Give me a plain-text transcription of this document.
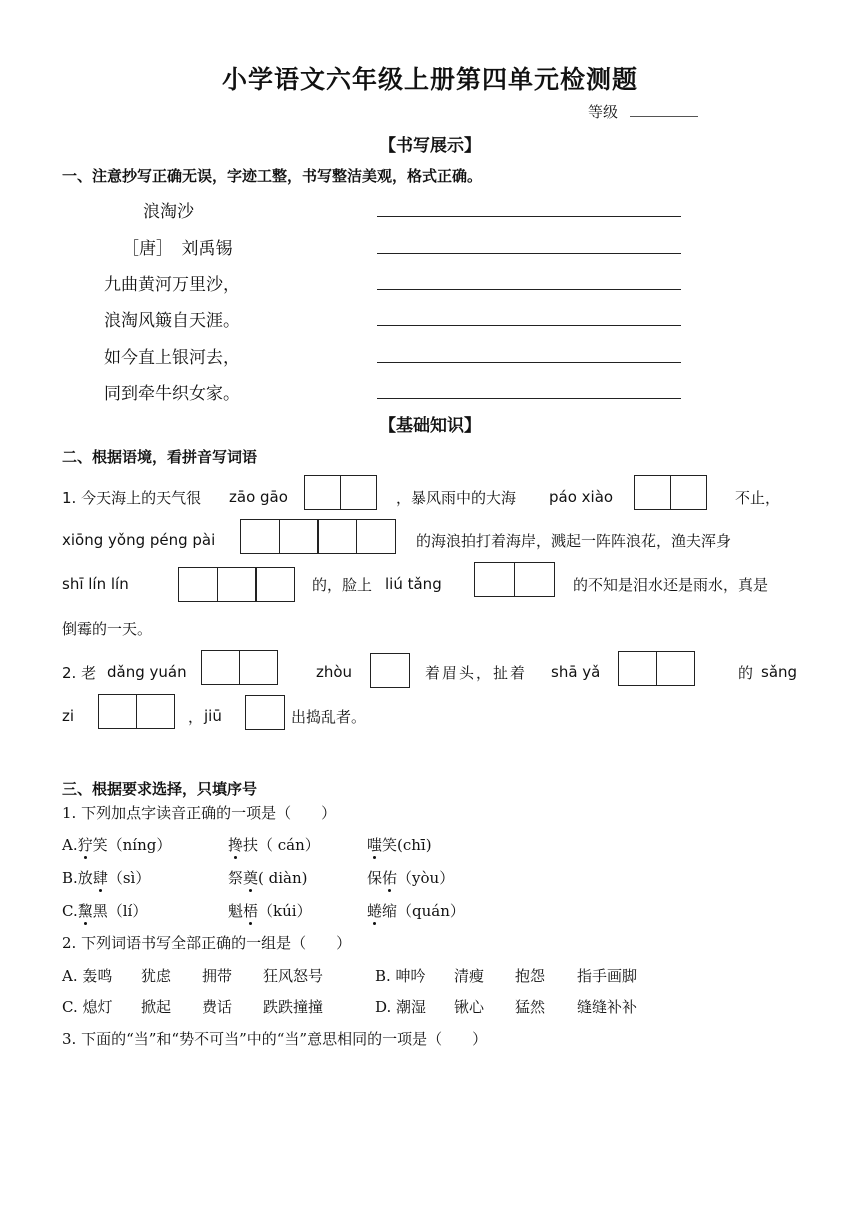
小学语文六年级上册第四单元检测题
等级
【书写展示】
一、注意抄写正确无误，字迹工整，书写整洁美观，格式正确。
浪淘沙
［唐］　刘禹锡
九曲黄河万里沙，
浪淘风簸自天涯。
如今直上银河去，
同到牵牛织女家。
【基础知识】
二、根据语境，看拼音写词语
1. 今天海上的天气很 zāo gāo	，暴风雨中的大海 páo xiào	不止，
xiōng yǒng péng pài	的海浪拍打着海岸，溅起一阵阵浪花，渔夫浑身
shī lín lín	的，脸上 liú tǎng	的不知是泪水还是雨水，真是
倒霉的一天。
2. 老 dǎng yuán	zhòu	着眉头，扯着 shā yǎ	的 sǎng
zi	， jiū	出捣乱者。
三、根据要求选择，只填序号
1. 下列加点字读音正确的一项是（　　）
A.狞笑（níng）	搀扶（ cán）	嗤笑(chī)
B.放肆（sì）	祭奠( diàn)	保佑（yòu）
C.黧黑（lí）	魁梧（kúi）	蜷缩（quán）
2. 下列词语书写全部正确的一组是（　　）
A. 轰鸣 犹虑 拥带 狂风怒号	B. 呻吟 清瘦 抱怨 指手画脚
C. 熄灯 掀起 费话 跌跌撞撞	D. 潮湿 锹心 猛然 缝缝补补
3. 下面的“当”和“势不可当”中的“当”意思相同的一项是（　　）
